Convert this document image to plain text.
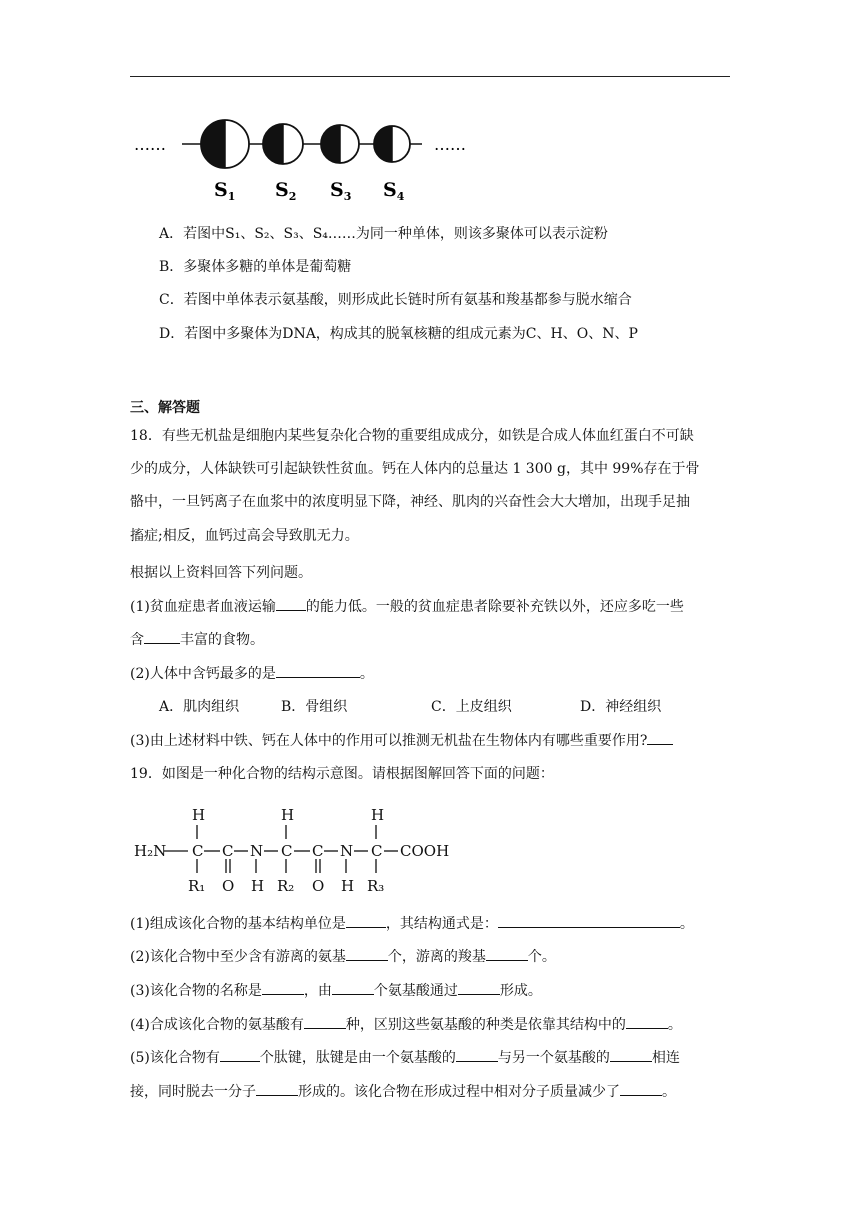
……	……
$S_1$ $S_2$ $S_3$ $S_4$
A．若图中S₁、S₂、S₃、S₄……为同一种单体，则该多聚体可以表示淀粉
B．多聚体多糖的单体是葡萄糖
C．若图中单体表示氨基酸，则形成此长链时所有氨基和羧基都参与脱水缩合
D．若图中多聚体为DNA，构成其的脱氧核糖的组成元素为C、H、O、N、P
三、解答题
18．有些无机盐是细胞内某些复杂化合物的重要组成成分，如铁是合成人体血红蛋白不可缺
少的成分，人体缺铁可引起缺铁性贫血。钙在人体内的总量达 1 300 g，其中 99%存在于骨
骼中，一旦钙离子在血浆中的浓度明显下降，神经、肌肉的兴奋性会大大增加，出现手足抽
搐症;相反，血钙过高会导致肌无力。
根据以上资料回答下列问题。
(1)贫血症患者血液运输 的能力低。一般的贫血症患者除要补充铁以外，还应多吃一些
含	丰富的食物。
(2)人体中含钙最多的是	。
A．肌肉组织	B．骨组织	C．上皮组织	D．神经组织
(3)由上述材料中铁、钙在人体中的作用可以推测无机盐在生物体内有哪些重要作用?
19．如图是一种化合物的结构示意图。请根据图解回答下面的问题：
H₂N C
H
R₁
C
O
N
H
C
H
R₂
C
O
N
H
C
H
R₃
COOH
(1)组成该化合物的基本结构单位是	，其结构通式是：	。
(2)该化合物中至少含有游离的氨基	个，游离的羧基	个。
(3)该化合物的名称是	，由	个氨基酸通过	形成。
(4)合成该化合物的氨基酸有	种，区别这些氨基酸的种类是依靠其结构中的	。
(5)该化合物有	个肽键，肽键是由一个氨基酸的	与另一个氨基酸的	相连
接，同时脱去一分子	形成的。该化合物在形成过程中相对分子质量减少了	。
